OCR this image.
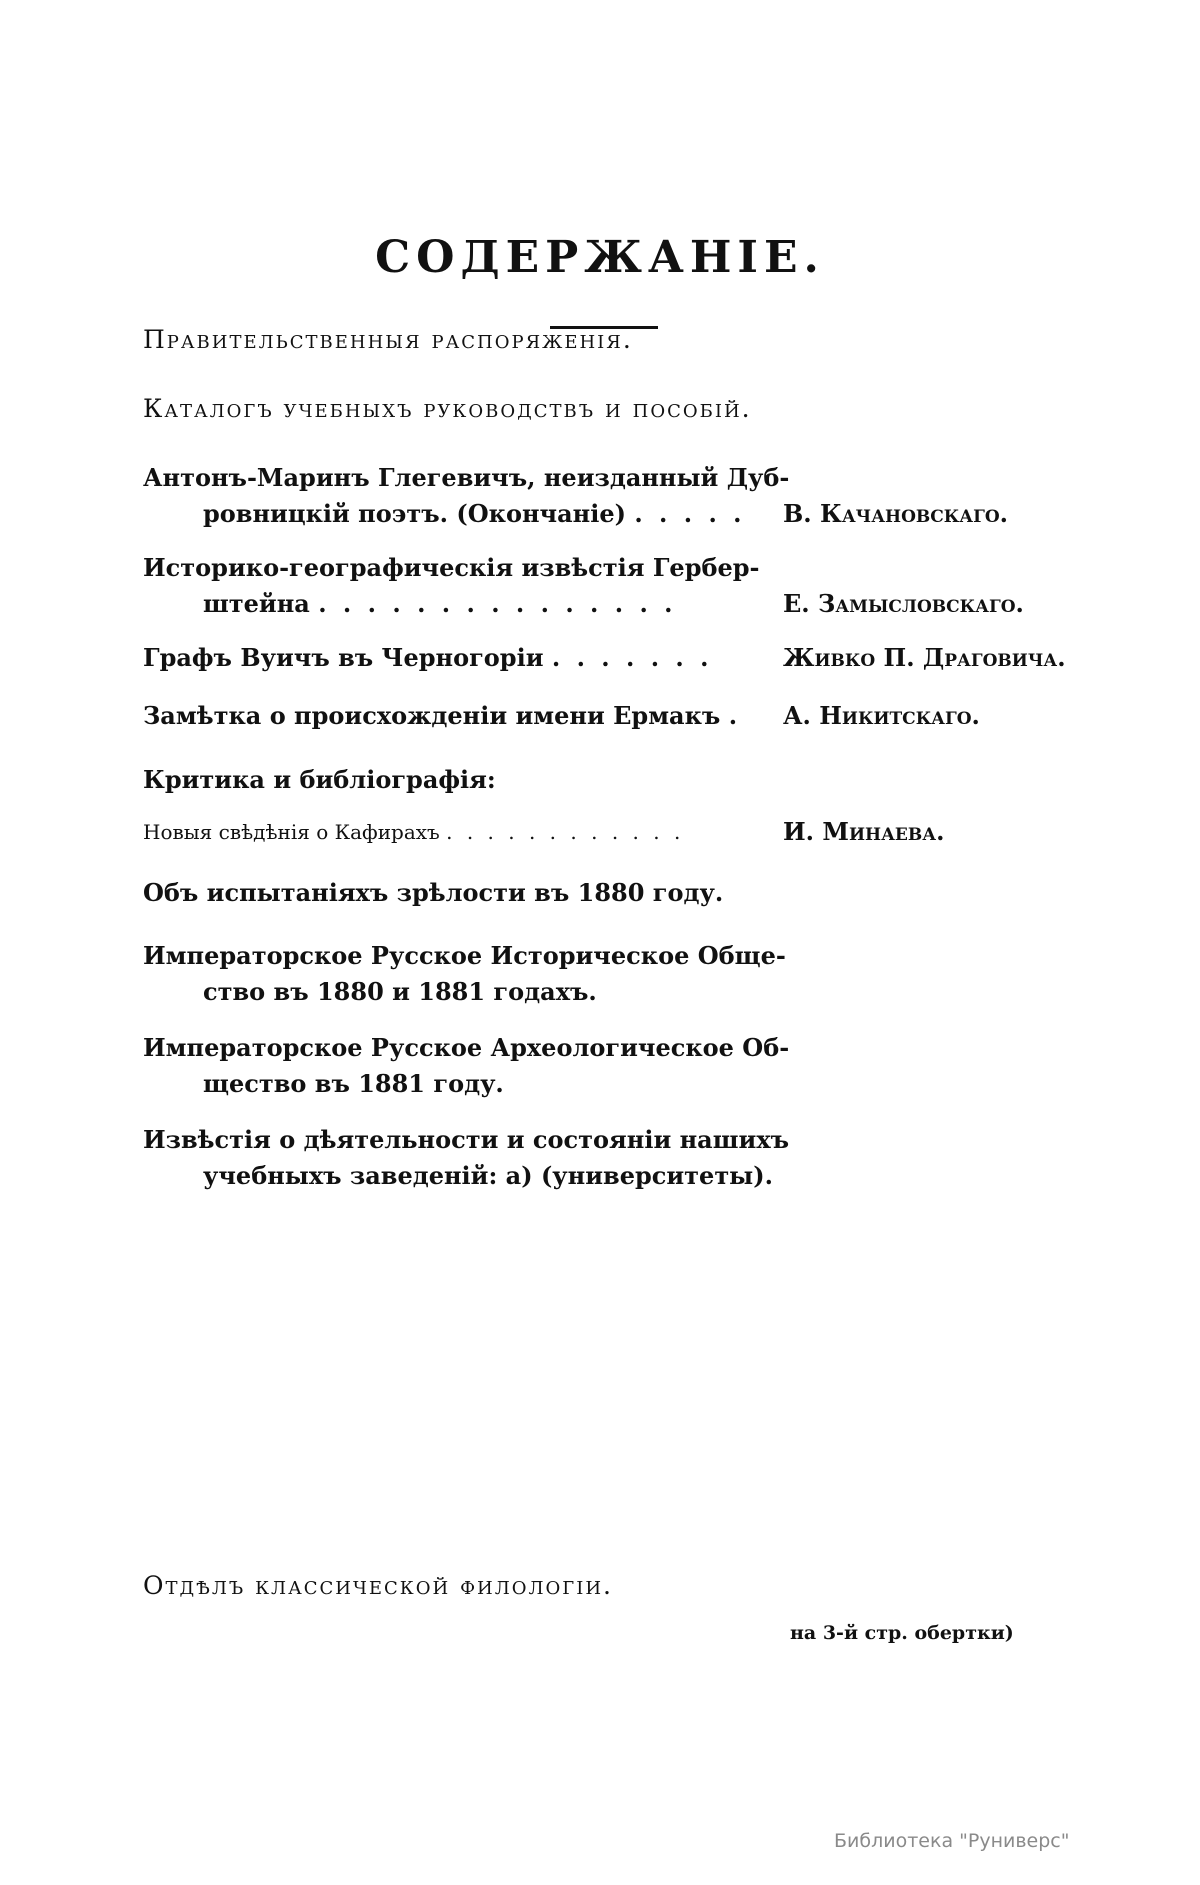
СОДЕРЖАНІЕ.
Правительственныя распоряженія.
Каталогъ учебныхъ руководствъ и пособій.
Антонъ-Маринъ Глегевичъ, неизданный Дуб-
ровницкій поэтъ. (Окончаніе) . . . . . В. Качановскаго.
Историко-географическія извѣстія Гербер-
штейна . . . . . . . . . . . . . . .	Е. Замысловскаго.
Графъ Вуичъ въ Черногоріи . . . . . . .	Живко П. Драговича.
Замѣтка о происхожденіи имени Ермакъ . А. Никитскаго.
Критика и библіографія:
Новыя свѣдѣнія о Кафирахъ . . . . . . . . . . . .	И. Минаева.
Объ испытаніяхъ зрѣлости въ 1880 году.
Императорское Русское Историческое Обще-
ство въ 1880 и 1881 годахъ.
Императорское Русское Археологическое Об-
щество въ 1881 году.
Извѣстія о дѣятельности и состояніи нашихъ
учебныхъ заведеній: а) (университеты).
Отдѣлъ классической филологіи.
на 3-й стр. обертки)
Библиотека "Руниверс"
